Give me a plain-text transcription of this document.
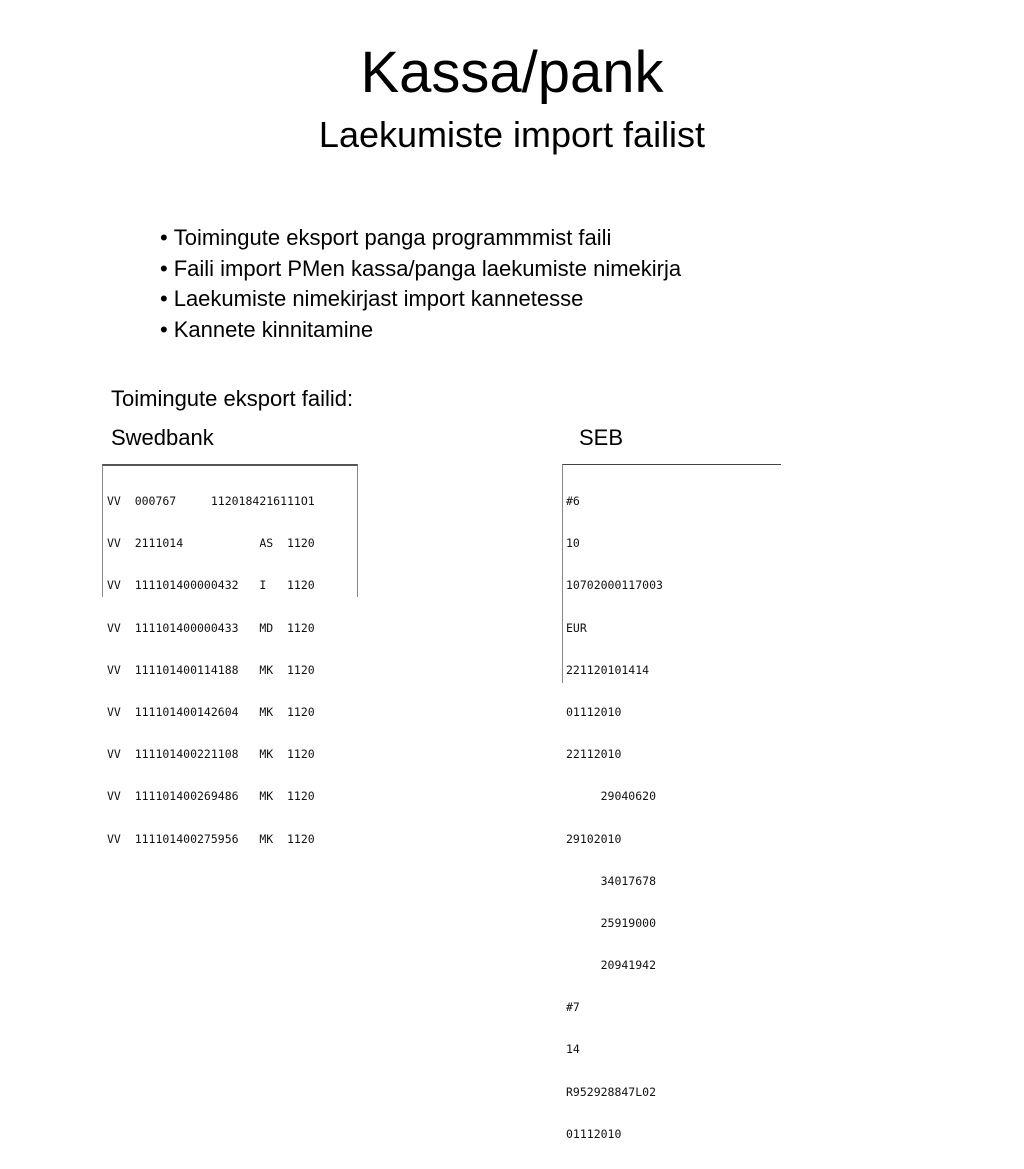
Kassa/pank
Laekumiste import failist
• Toimingute eksport panga programmmist faili
• Faili import PMen kassa/panga laekumiste nimekirja
• Laekumiste nimekirjast import kannetesse
• Kannete kinnitamine
Toimingute eksport failid:
Swedbank	SEB

VV  000767     1120184216111O1

VV  2111014           AS  1120

VV  111101400000432   I   1120

VV  111101400000433   MD  1120

VV  111101400114188   MK  1120

VV  111101400142604   MK  1120

VV  111101400221108   MK  1120

VV  111101400269486   MK  1120

VV  111101400275956   MK  1120

#6

10

10702000117003

EUR

221120101414

01112010

22112010

29040620

29102010

34017678

25919000

20941942

#7

14

R952928847L02

01112010
